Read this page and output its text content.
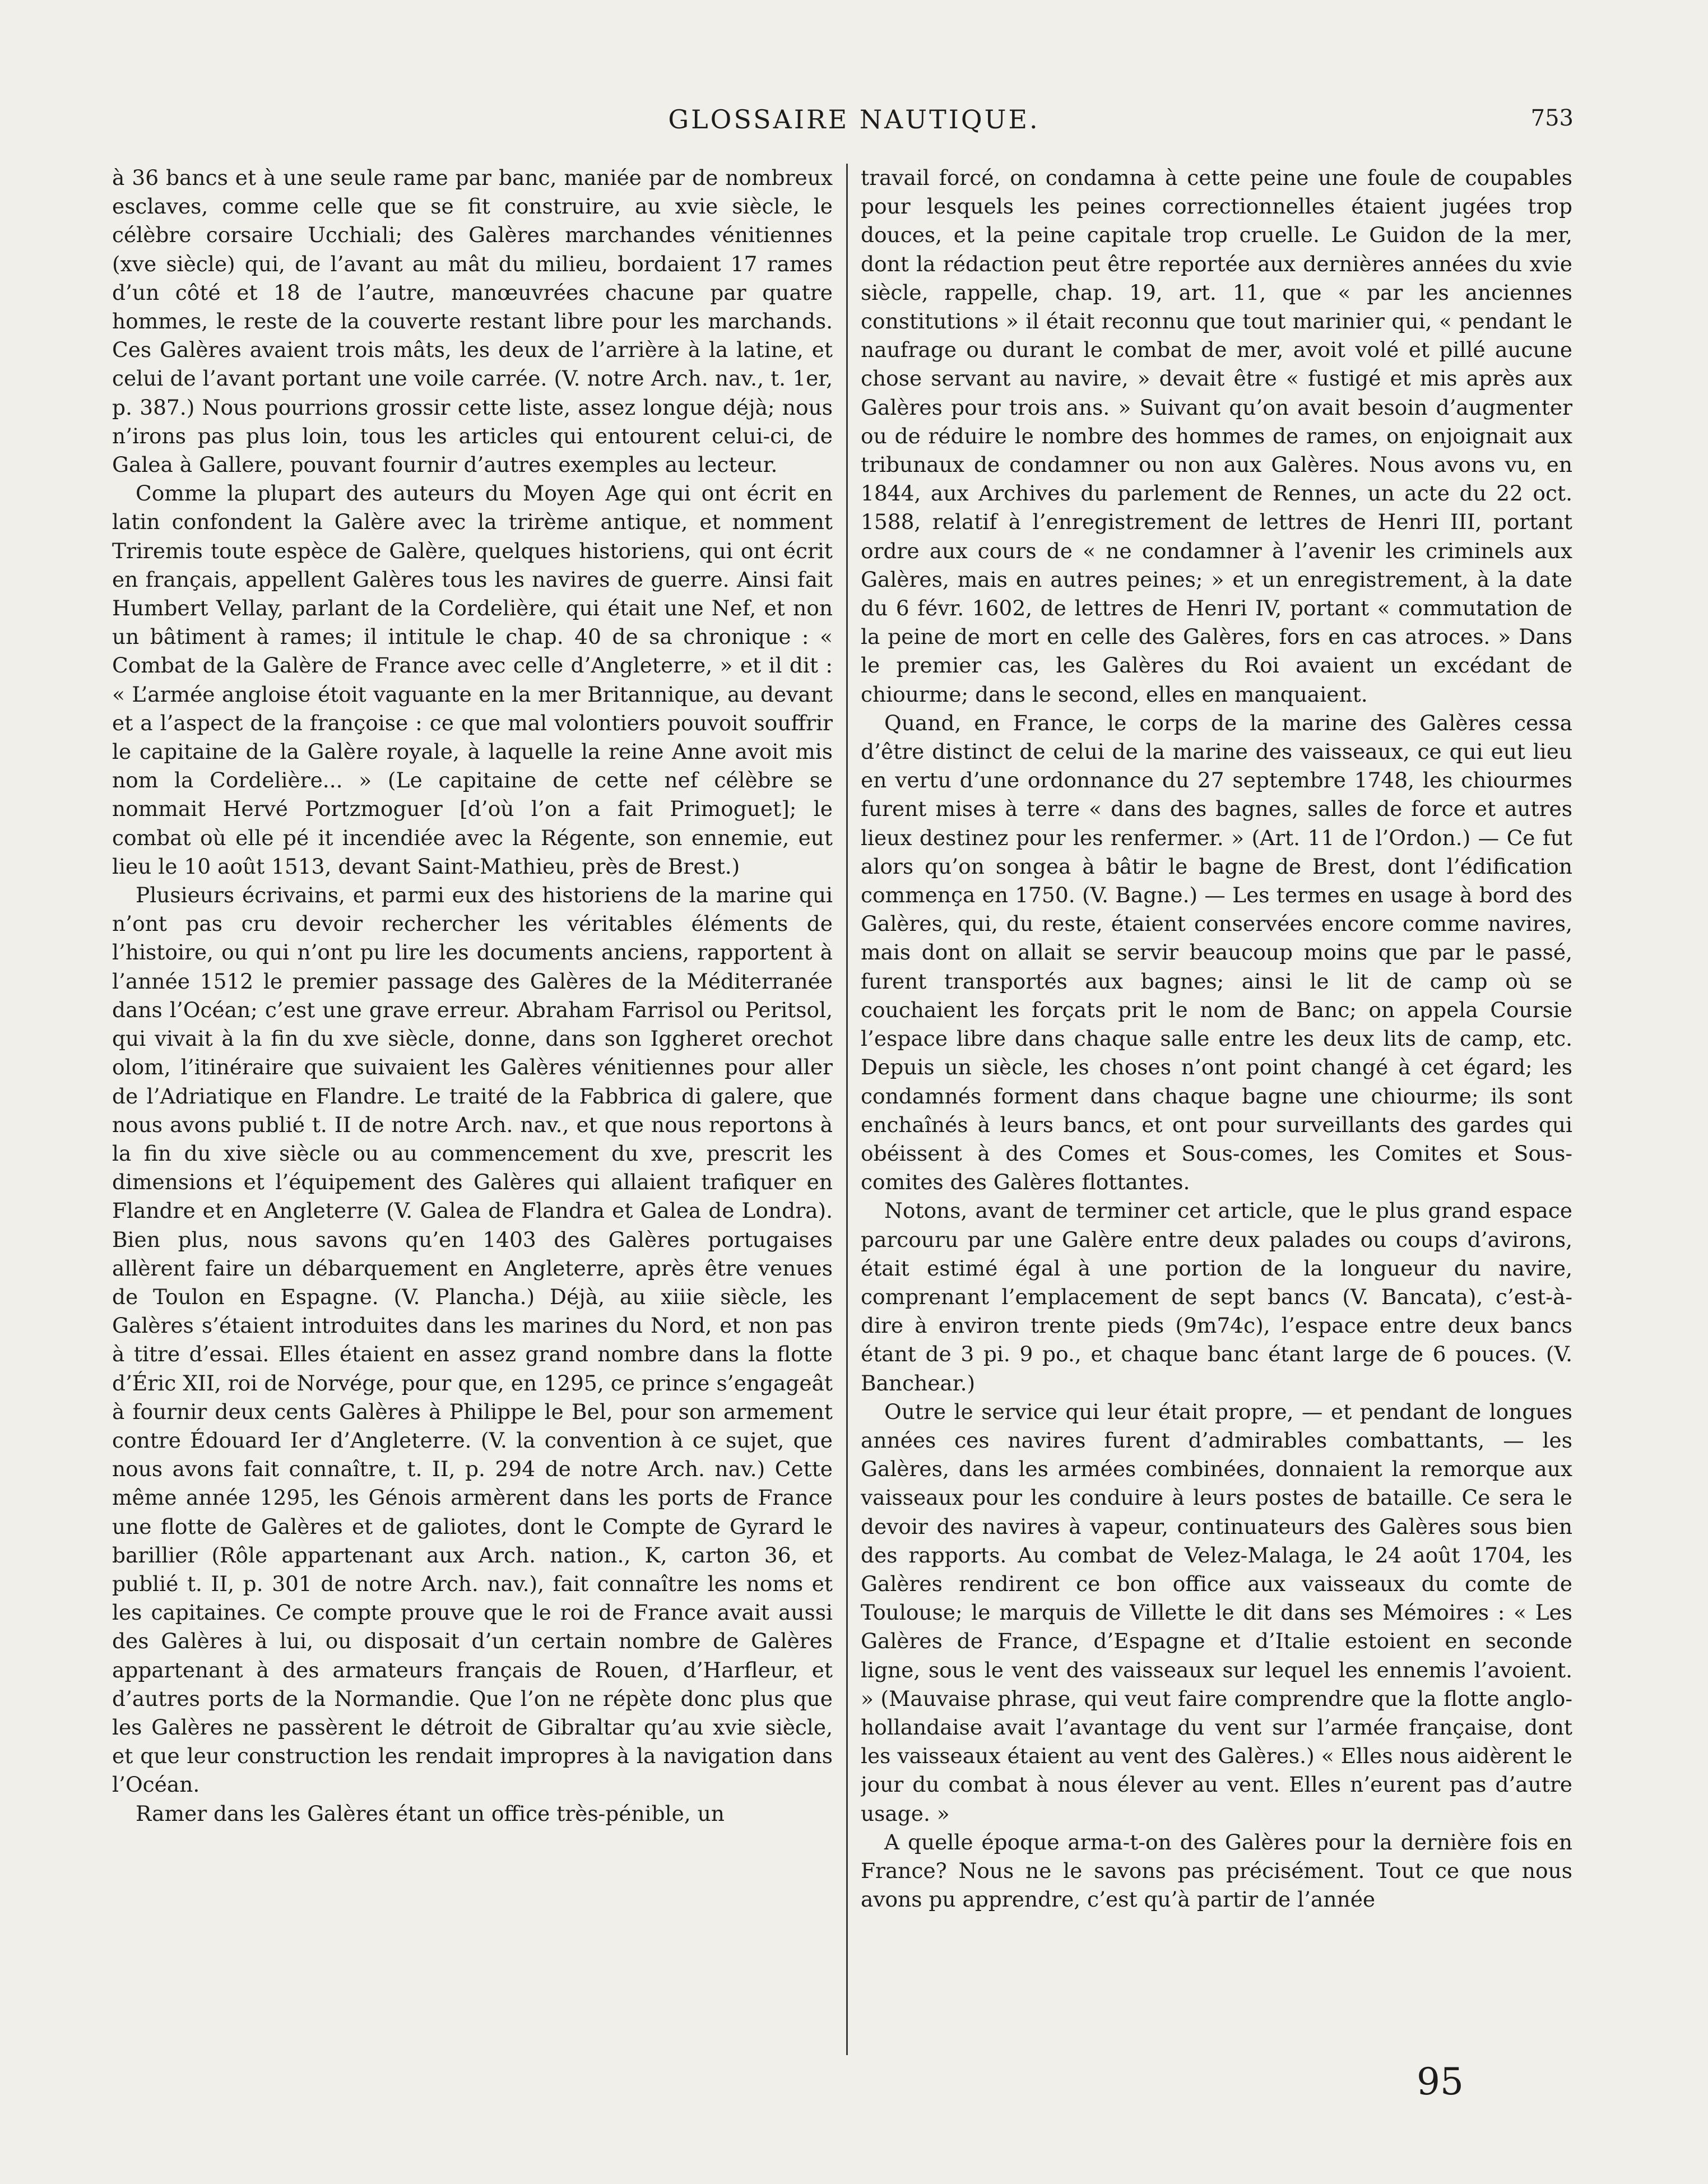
GLOSSAIRE NAUTIQUE.	753

à 36 bancs et à une seule rame par banc, maniée par de nombreux esclaves, comme celle que se fit construire, au xvie siècle, le célèbre corsaire Ucchiali; des Galères marchandes vénitiennes (xve siècle) qui, de l’avant au mât du milieu, bordaient 17 rames d’un côté et 18 de l’autre, manœuvrées chacune par quatre hommes, le reste de la couverte restant libre pour les marchands. Ces Galères avaient trois mâts, les deux de l’arrière à la latine, et celui de l’avant portant une voile carrée. (V. notre Arch. nav., t. 1er, p. 387.) Nous pourrions grossir cette liste, assez longue déjà; nous n’irons pas plus loin, tous les articles qui entourent celui-ci, de Galea à Gallere, pouvant fournir d’autres exemples au lecteur.

Comme la plupart des auteurs du Moyen Age qui ont écrit en latin confondent la Galère avec la trirème antique, et nomment Triremis toute espèce de Galère, quelques historiens, qui ont écrit en français, appellent Galères tous les navires de guerre. Ainsi fait Humbert Vellay, parlant de la Cordelière, qui était une Nef, et non un bâtiment à rames; il intitule le chap. 40 de sa chronique : « Combat de la Galère de France avec celle d’Angleterre, » et il dit : « L’armée angloise étoit vaguante en la mer Britannique, au devant et a l’aspect de la françoise : ce que mal volontiers pouvoit souffrir le capitaine de la Galère royale, à laquelle la reine Anne avoit mis nom la Cordelière... » (Le capitaine de cette nef célèbre se nommait Hervé Portzmoguer [d’où l’on a fait Primoguet]; le combat où elle pé it incendiée avec la Régente, son ennemie, eut lieu le 10 août 1513, devant Saint-Mathieu, près de Brest.)

Plusieurs écrivains, et parmi eux des historiens de la marine qui n’ont pas cru devoir rechercher les véritables éléments de l’histoire, ou qui n’ont pu lire les documents anciens, rapportent à l’année 1512 le premier passage des Galères de la Méditerranée dans l’Océan; c’est une grave erreur. Abraham Farrisol ou Peritsol, qui vivait à la fin du xve siècle, donne, dans son Iggheret orechot olom, l’itinéraire que suivaient les Galères vénitiennes pour aller de l’Adriatique en Flandre. Le traité de la Fabbrica di galere, que nous avons publié t. II de notre Arch. nav., et que nous reportons à la fin du xive siècle ou au commencement du xve, prescrit les dimensions et l’équipement des Galères qui allaient trafiquer en Flandre et en Angleterre (V. Galea de Flandra et Galea de Londra). Bien plus, nous savons qu’en 1403 des Galères portugaises allèrent faire un débarquement en Angleterre, après être venues de Toulon en Espagne. (V. Plancha.) Déjà, au xiiie siècle, les Galères s’étaient introduites dans les marines du Nord, et non pas à titre d’essai. Elles étaient en assez grand nombre dans la flotte d’Éric XII, roi de Norvége, pour que, en 1295, ce prince s’engageât à fournir deux cents Galères à Philippe le Bel, pour son armement contre Édouard Ier d’Angleterre. (V. la convention à ce sujet, que nous avons fait connaître, t. II, p. 294 de notre Arch. nav.) Cette même année 1295, les Génois armèrent dans les ports de France une flotte de Galères et de galiotes, dont le Compte de Gyrard le barillier (Rôle appartenant aux Arch. nation., K, carton 36, et publié t. II, p. 301 de notre Arch. nav.), fait connaître les noms et les capitaines. Ce compte prouve que le roi de France avait aussi des Galères à lui, ou disposait d’un certain nombre de Galères appartenant à des armateurs français de Rouen, d’Harfleur, et d’autres ports de la Normandie. Que l’on ne répète donc plus que les Galères ne passèrent le détroit de Gibraltar qu’au xvie siècle, et que leur construction les rendait impropres à la navigation dans l’Océan.

Ramer dans les Galères étant un office très-pénible, un

travail forcé, on condamna à cette peine une foule de coupables pour lesquels les peines correctionnelles étaient jugées trop douces, et la peine capitale trop cruelle. Le Guidon de la mer, dont la rédaction peut être reportée aux dernières années du xvie siècle, rappelle, chap. 19, art. 11, que « par les anciennes constitutions » il était reconnu que tout marinier qui, « pendant le naufrage ou durant le combat de mer, avoit volé et pillé aucune chose servant au navire, » devait être « fustigé et mis après aux Galères pour trois ans. » Suivant qu’on avait besoin d’augmenter ou de réduire le nombre des hommes de rames, on enjoignait aux tribunaux de condamner ou non aux Galères. Nous avons vu, en 1844, aux Archives du parlement de Rennes, un acte du 22 oct. 1588, relatif à l’enregistrement de lettres de Henri III, portant ordre aux cours de « ne condamner à l’avenir les criminels aux Galères, mais en autres peines; » et un enregistrement, à la date du 6 févr. 1602, de lettres de Henri IV, portant « commutation de la peine de mort en celle des Galères, fors en cas atroces. » Dans le premier cas, les Galères du Roi avaient un excédant de chiourme; dans le second, elles en manquaient.

Quand, en France, le corps de la marine des Galères cessa d’être distinct de celui de la marine des vaisseaux, ce qui eut lieu en vertu d’une ordonnance du 27 septembre 1748, les chiourmes furent mises à terre « dans des bagnes, salles de force et autres lieux destinez pour les renfermer. » (Art. 11 de l’Ordon.) — Ce fut alors qu’on songea à bâtir le bagne de Brest, dont l’édification commença en 1750. (V. Bagne.) — Les termes en usage à bord des Galères, qui, du reste, étaient conservées encore comme navires, mais dont on allait se servir beaucoup moins que par le passé, furent transportés aux bagnes; ainsi le lit de camp où se couchaient les forçats prit le nom de Banc; on appela Coursie l’espace libre dans chaque salle entre les deux lits de camp, etc. Depuis un siècle, les choses n’ont point changé à cet égard; les condamnés forment dans chaque bagne une chiourme; ils sont enchaînés à leurs bancs, et ont pour surveillants des gardes qui obéissent à des Comes et Sous-comes, les Comites et Sous-comites des Galères flottantes.

Notons, avant de terminer cet article, que le plus grand espace parcouru par une Galère entre deux palades ou coups d’avirons, était estimé égal à une portion de la longueur du navire, comprenant l’emplacement de sept bancs (V. Bancata), c’est-à-dire à environ trente pieds (9m74c), l’espace entre deux bancs étant de 3 pi. 9 po., et chaque banc étant large de 6 pouces. (V. Banchear.)

Outre le service qui leur était propre, — et pendant de longues années ces navires furent d’admirables combattants, — les Galères, dans les armées combinées, donnaient la remorque aux vaisseaux pour les conduire à leurs postes de bataille. Ce sera le devoir des navires à vapeur, continuateurs des Galères sous bien des rapports. Au combat de Velez-Malaga, le 24 août 1704, les Galères rendirent ce bon office aux vaisseaux du comte de Toulouse; le marquis de Villette le dit dans ses Mémoires : « Les Galères de France, d’Espagne et d’Italie estoient en seconde ligne, sous le vent des vaisseaux sur lequel les ennemis l’avoient. » (Mauvaise phrase, qui veut faire comprendre que la flotte anglo-hollandaise avait l’avantage du vent sur l’armée française, dont les vaisseaux étaient au vent des Galères.) « Elles nous aidèrent le jour du combat à nous élever au vent. Elles n’eurent pas d’autre usage. »

A quelle époque arma-t-on des Galères pour la dernière fois en France? Nous ne le savons pas précisément. Tout ce que nous avons pu apprendre, c’est qu’à partir de l’année

95
